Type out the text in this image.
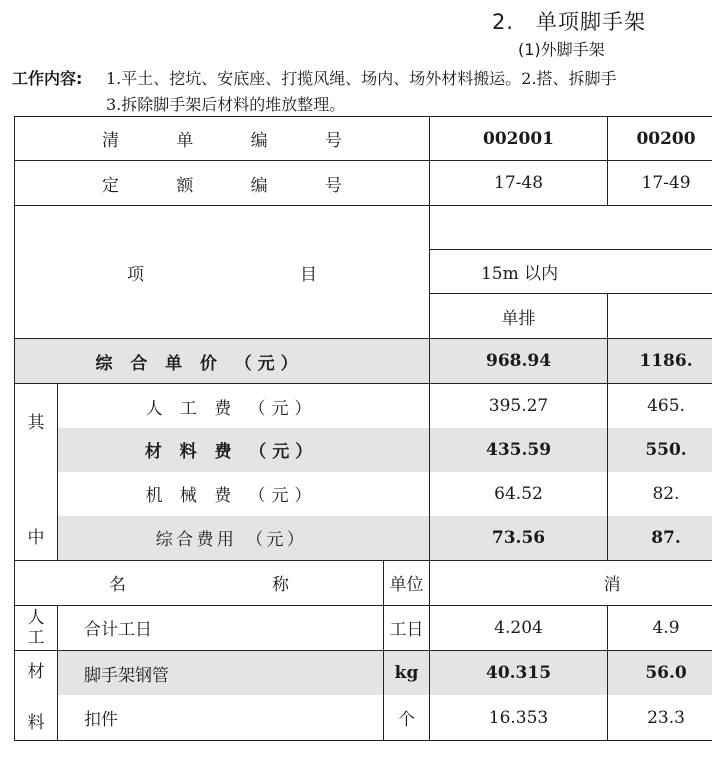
2.　单项脚手架
(1)外脚手架
工作内容: 1.平土、挖坑、安底座、打揽风绳、场内、场外材料搬运。2.搭、拆脚手
3.拆除脚手架后材料的堆放整理。
清　单　编　号			002001	00200
定　额　编　号			17-48	17-49

项 目				

			15m 以内	
			单排	
综 合 单 价 （元）			968.94	1186.

其
中	人 工 费 （元）		395.27	465.
	材 料 费 （元）		435.59	550.
	机 械 费 （元）		64.52	82.
	综合费用 （元）		73.56	87.

名 称		单位	消	

人工	合计工日	工日	4.204	4.9

材
料	脚手架钢管	kg	40.315	56.0
	扣件	个	16.353	23.3
